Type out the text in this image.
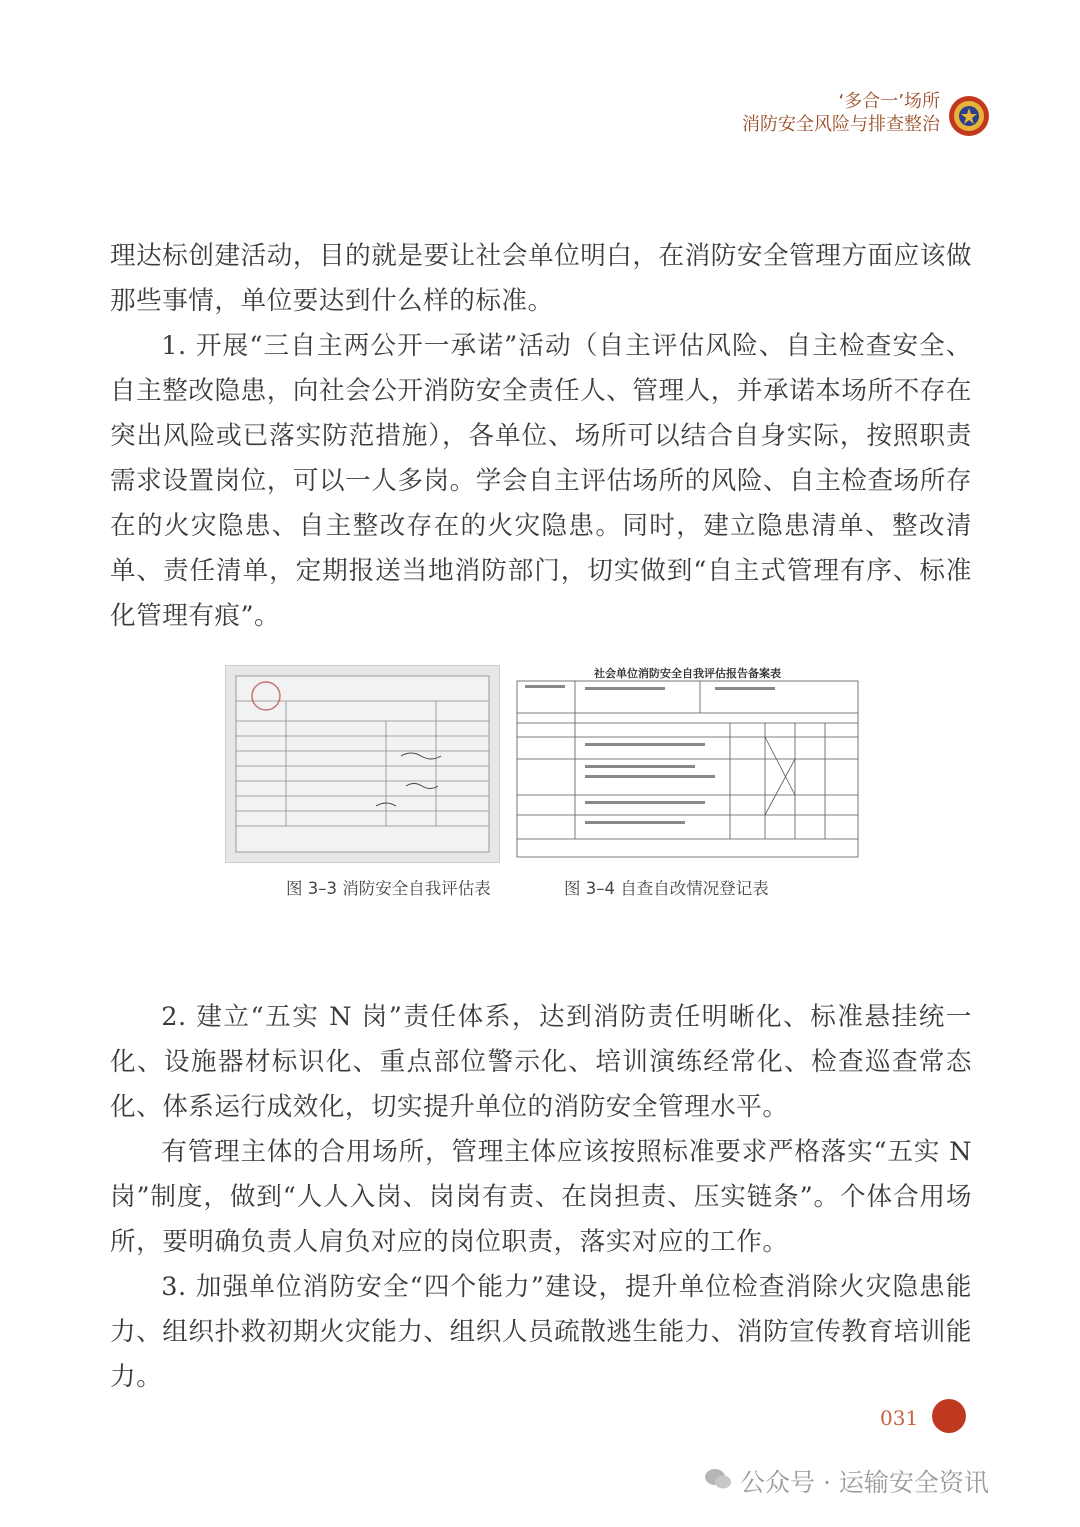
‘多合一’场所
消防安全风险与排查整治

理达标创建活动，目的就是要让社会单位明白，在消防安全管理方面应该做那些事情，单位要达到什么样的标准。

1. 开展“三自主两公开一承诺”活动（自主评估风险、自主检查安全、自主整改隐患，向社会公开消防安全责任人、管理人，并承诺本场所不存在突出风险或已落实防范措施），各单位、场所可以结合自身实际，按照职责需求设置岗位，可以一人多岗。学会自主评估场所的风险、自主检查场所存在的火灾隐患、自主整改存在的火灾隐患。同时，建立隐患清单、整改清单、责任清单，定期报送当地消防部门，切实做到“自主式管理有序、标准化管理有痕”。

社会单位消防安全自我评估报告备案表
图 3–3 消防安全自我评估表	图 3–4 自查自改情况登记表

2. 建立“五实 N 岗”责任体系，达到消防责任明晰化、标准悬挂统一化、设施器材标识化、重点部位警示化、培训演练经常化、检查巡查常态化、体系运行成效化，切实提升单位的消防安全管理水平。

有管理主体的合用场所，管理主体应该按照标准要求严格落实“五实 N 岗”制度，做到“人人入岗、岗岗有责、在岗担责、压实链条”。个体合用场所，要明确负责人肩负对应的岗位职责，落实对应的工作。

3. 加强单位消防安全“四个能力”建设，提升单位检查消除火灾隐患能力、组织扑救初期火灾能力、组织人员疏散逃生能力、消防宣传教育培训能力。

031
公众号 · 运输安全资讯
